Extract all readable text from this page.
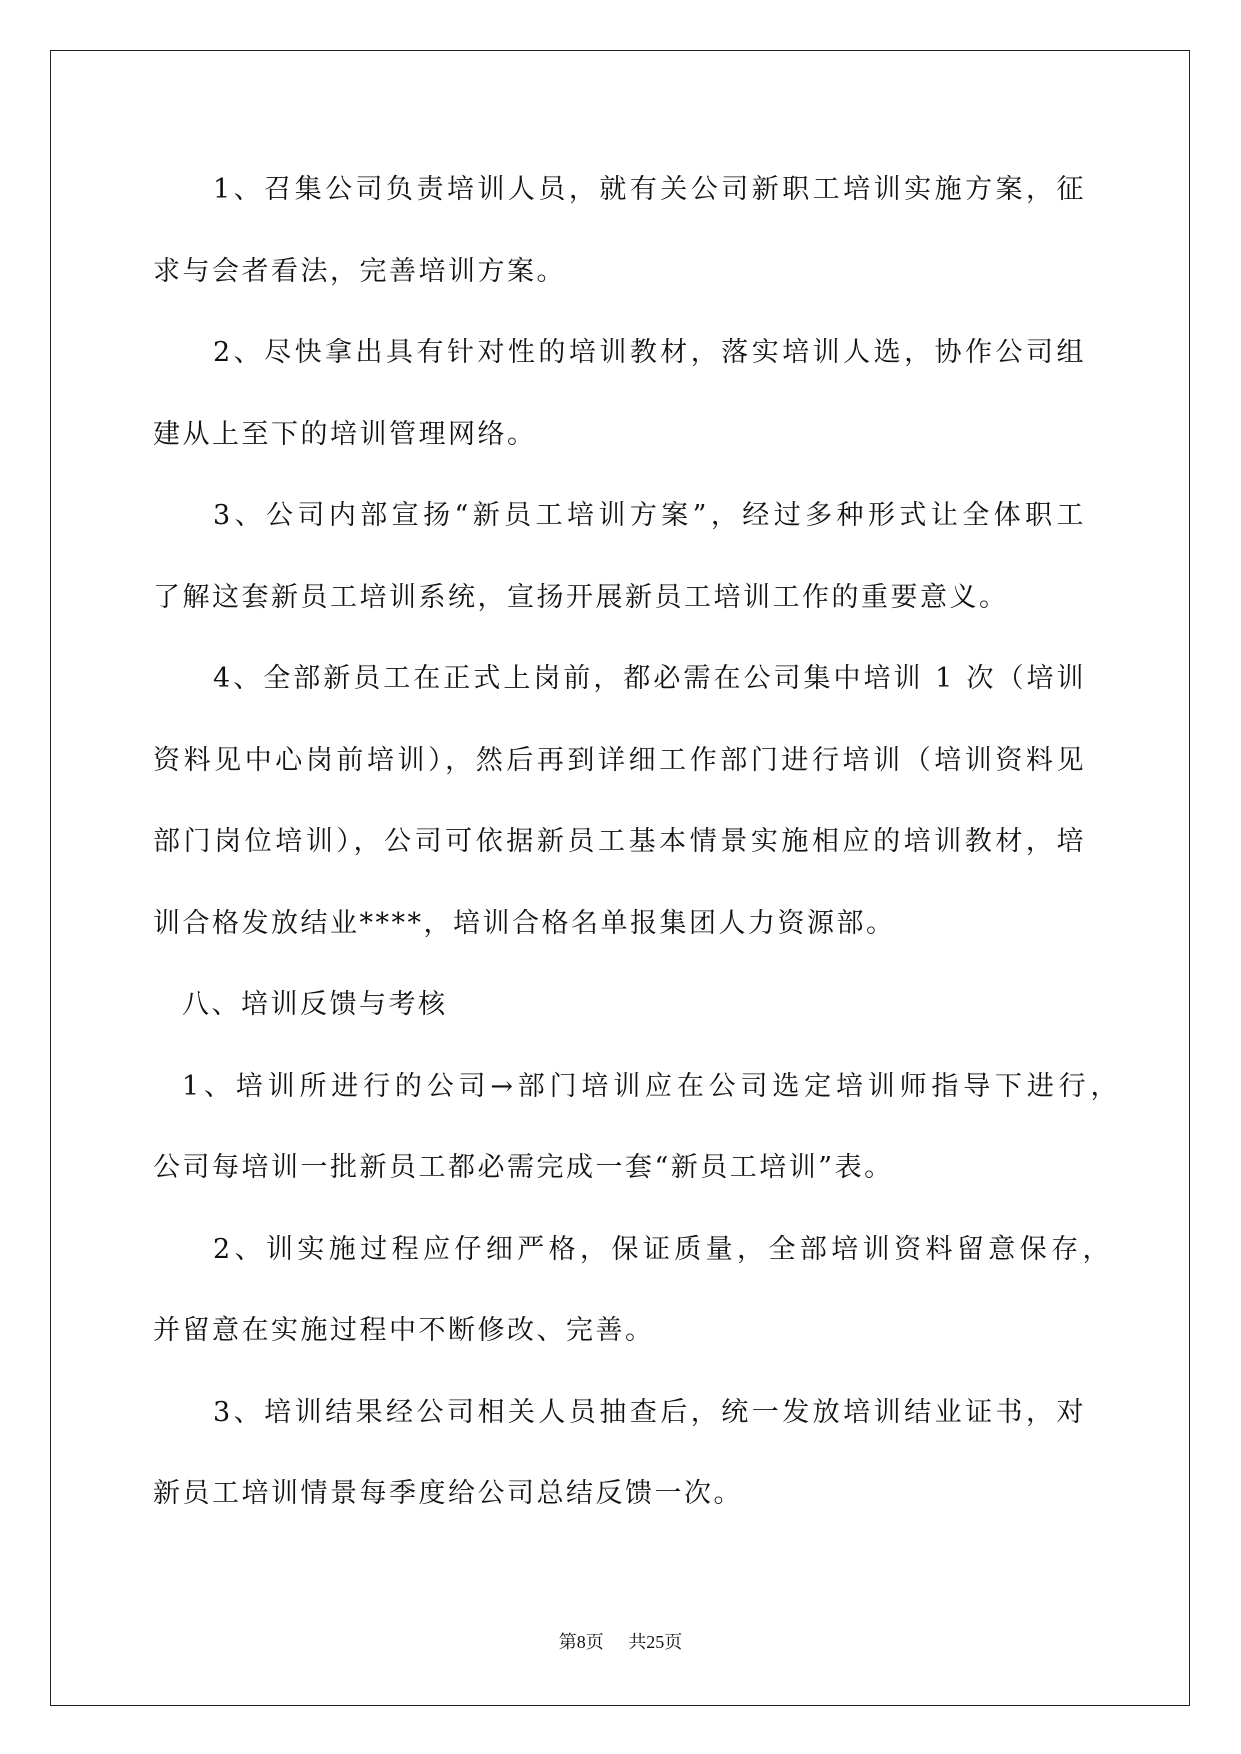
1、召集公司负责培训人员，就有关公司新职工培训实施方案，征
求与会者看法，完善培训方案。
2、尽快拿出具有针对性的培训教材，落实培训人选，协作公司组
建从上至下的培训管理网络。
3、公司内部宣扬“新员工培训方案”，经过多种形式让全体职工
了解这套新员工培训系统，宣扬开展新员工培训工作的重要意义。
4、全部新员工在正式上岗前，都必需在公司集中培训 1 次（培训
资料见中心岗前培训），然后再到详细工作部门进行培训（培训资料见
部门岗位培训），公司可依据新员工基本情景实施相应的培训教材，培
训合格发放结业****，培训合格名单报集团人力资源部。
八、培训反馈与考核
1、培训所进行的公司→部门培训应在公司选定培训师指导下进行，
公司每培训一批新员工都必需完成一套“新员工培训”表。
2、训实施过程应仔细严格，保证质量，全部培训资料留意保存，
并留意在实施过程中不断修改、完善。
3、培训结果经公司相关人员抽查后，统一发放培训结业证书，对
新员工培训情景每季度给公司总结反馈一次。
第8页 共25页
